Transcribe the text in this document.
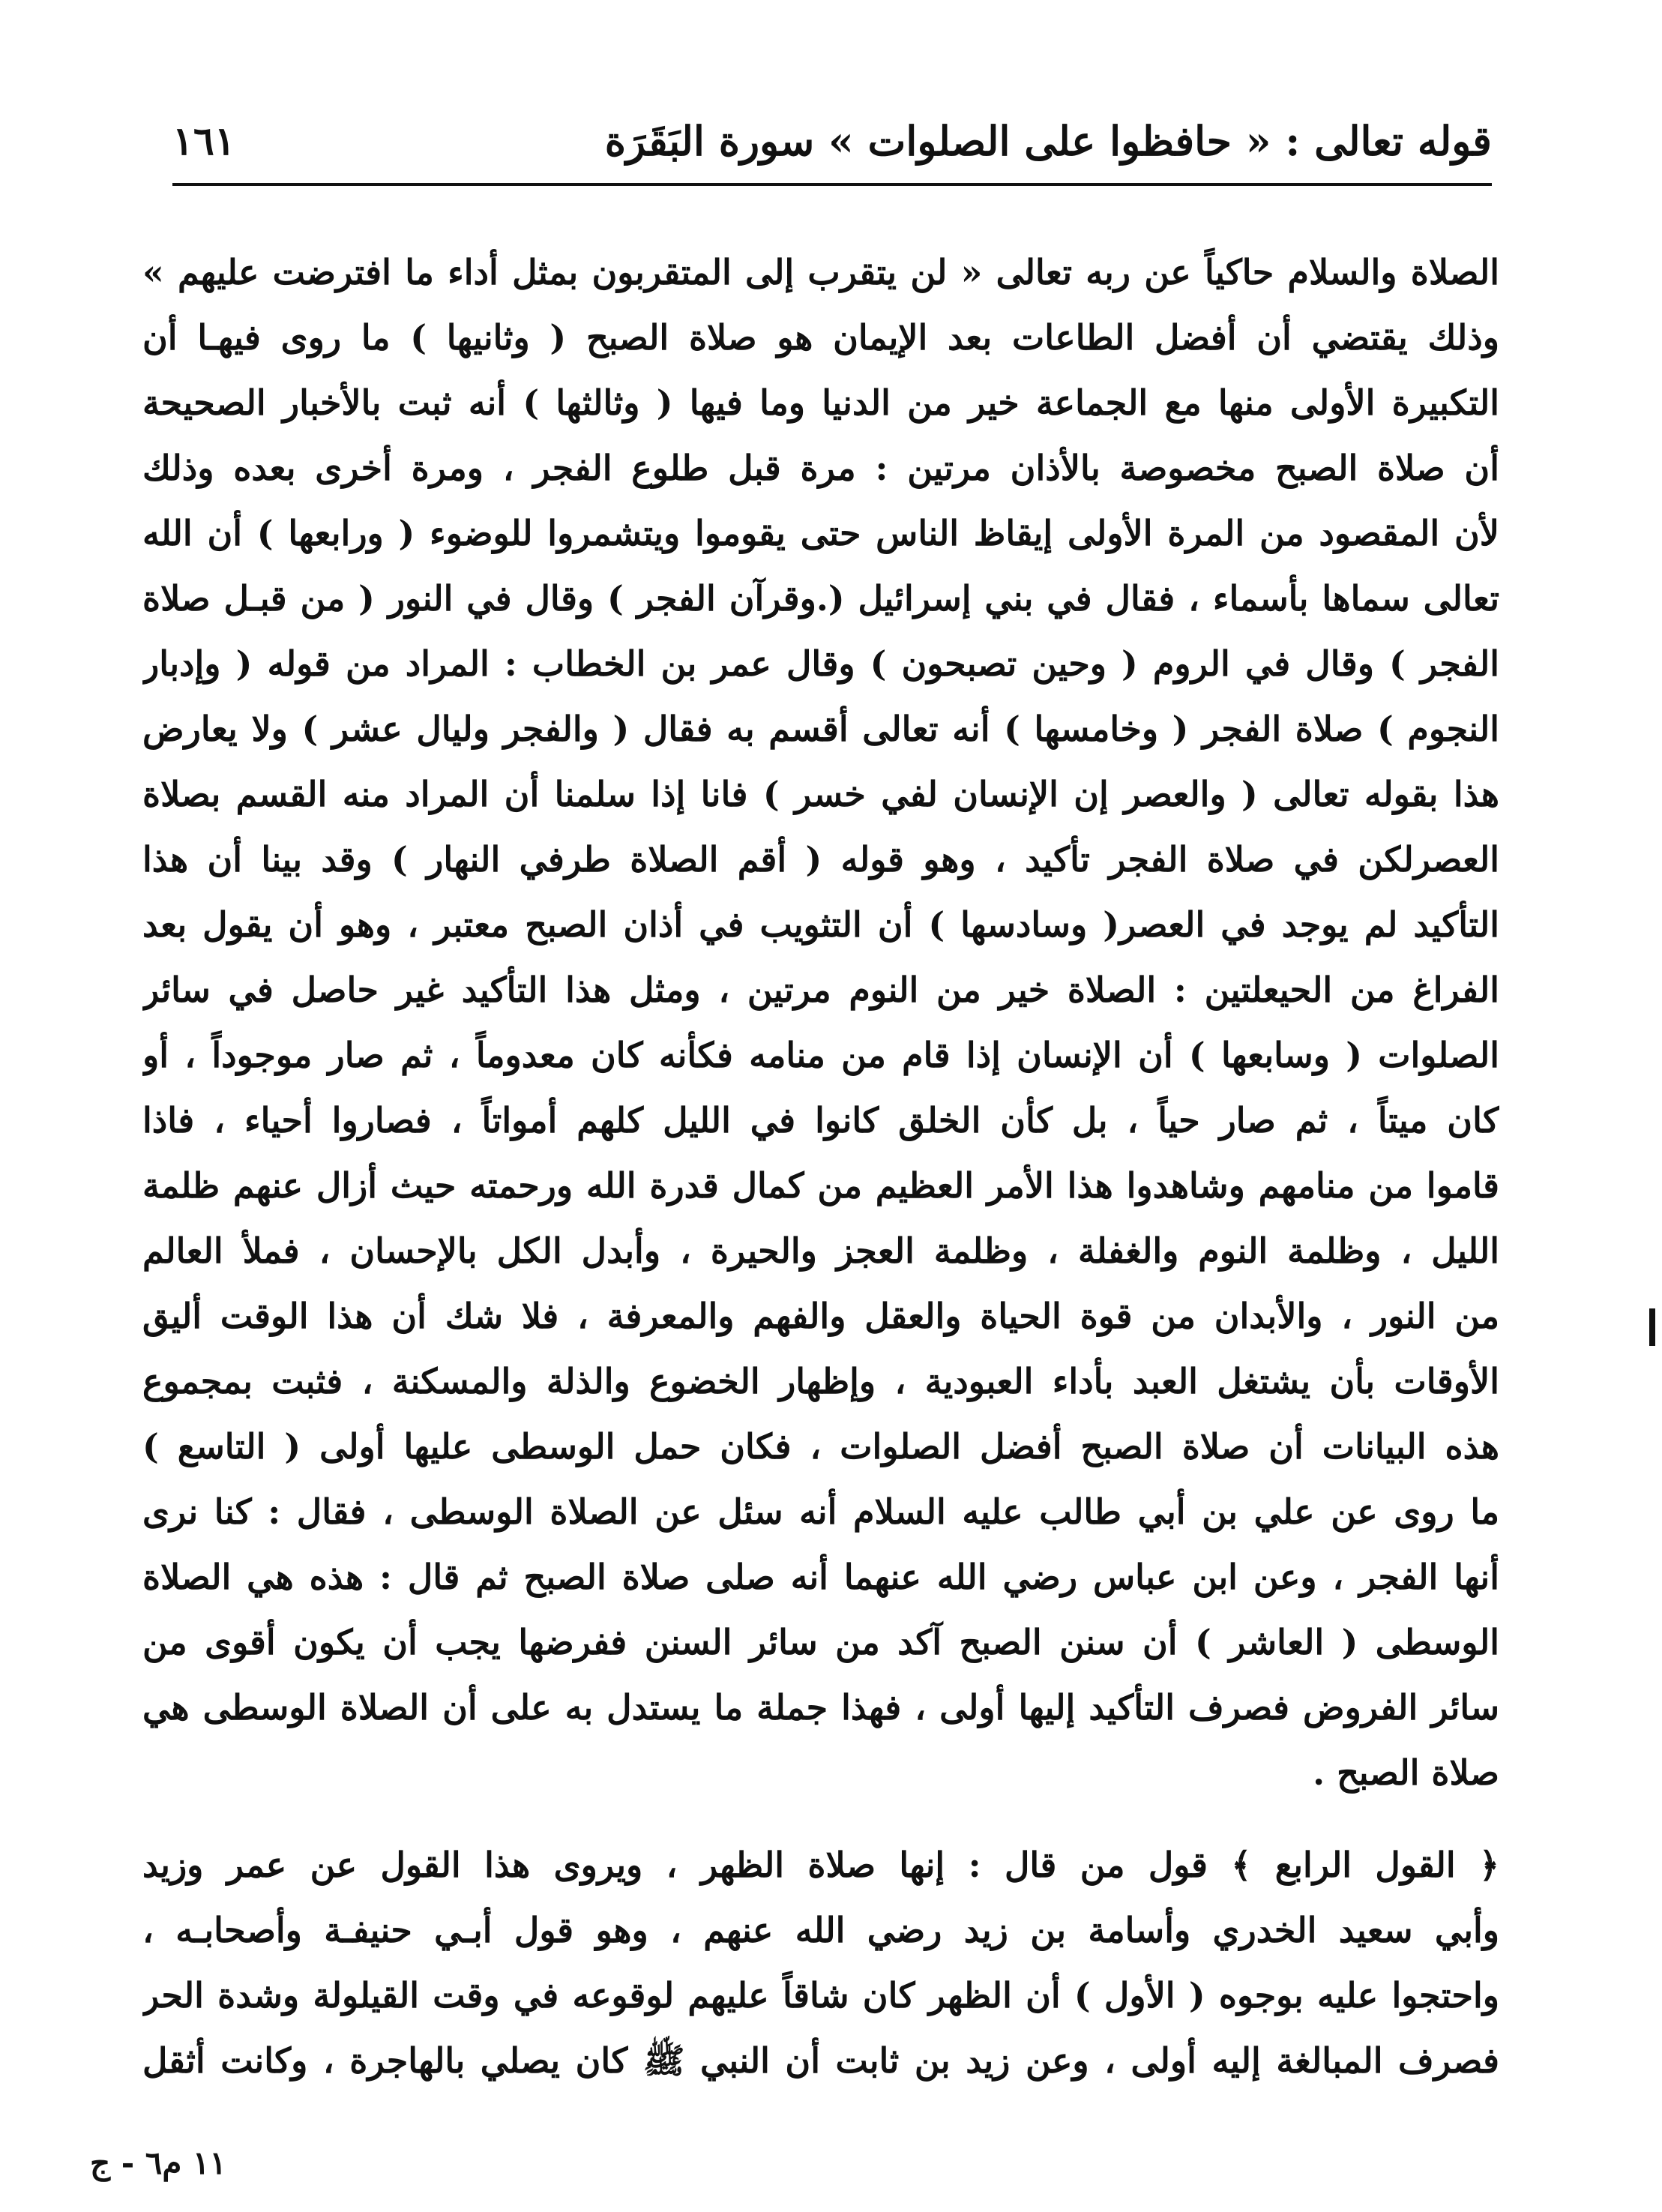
قوله تعالى : « حافظوا على الصلوات » سورة البَقَرَة
١٦١
الصلاة والسلام حاكياً عن ربه تعالى « لن يتقرب إلى المتقربون بمثل أداء ما افترضت عليهم »
وذلك يقتضي أن أفضل الطاعات بعد الإيمان هو صلاة الصبح ( وثانيها ) ما روى فيهـا أن
التكبيرة الأولى منها مع الجماعة خير من الدنيا وما فيها ( وثالثها ) أنه ثبت بالأخبار الصحيحة
أن صلاة الصبح مخصوصة بالأذان مرتين : مرة قبل طلوع الفجر ، ومرة أخرى بعده وذلك
لأن المقصود من المرة الأولى إيقاظ الناس حتى يقوموا ويتشمروا للوضوء ( ورابعها ) أن الله
تعالى سماها بأسماء ، فقال في بني إسرائيل (.وقرآن الفجر ) وقال في النور ( من قبـل صلاة
الفجر ) وقال في الروم ( وحين تصبحون ) وقال عمر بن الخطاب : المراد من قوله ( وإدبار
النجوم ) صلاة الفجر ( وخامسها ) أنه تعالى أقسم به فقال ( والفجر وليال عشر ) ولا يعارض
هذا بقوله تعالى ( والعصر إن الإنسان لفي خسر ) فانا إذا سلمنا أن المراد منه القسم بصلاة
العصرلكن في صلاة الفجر تأكيد ، وهو قوله ( أقم الصلاة طرفي النهار ) وقد بينا أن هذا
التأكيد لم يوجد في العصر( وسادسها ) أن التثويب في أذان الصبح معتبر ، وهو أن يقول بعد
الفراغ من الحيعلتين : الصلاة خير من النوم مرتين ، ومثل هذا التأكيد غير حاصل في سائر
الصلوات ( وسابعها ) أن الإنسان إذا قام من منامه فكأنه كان معدوماً ، ثم صار موجوداً ، أو
كان ميتاً ، ثم صار حياً ، بل كأن الخلق كانوا في الليل كلهم أمواتاً ، فصاروا أحياء ، فاذا
قاموا من منامهم وشاهدوا هذا الأمر العظيم من كمال قدرة الله ورحمته حيث أزال عنهم ظلمة
الليل ، وظلمة النوم والغفلة ، وظلمة العجز والحيرة ، وأبدل الكل بالإحسان ، فملأ العالم
من النور ، والأبدان من قوة الحياة والعقل والفهم والمعرفة ، فلا شك أن هذا الوقت أليق
الأوقات بأن يشتغل العبد بأداء العبودية ، وإظهار الخضوع والذلة والمسكنة ، فثبت بمجموع
هذه البيانات أن صلاة الصبح أفضل الصلوات ، فكان حمل الوسطى عليها أولى ( التاسع )
ما روى عن علي بن أبي طالب عليه السلام أنه سئل عن الصلاة الوسطى ، فقال : كنا نرى
أنها الفجر ، وعن ابن عباس رضي الله عنهما أنه صلى صلاة الصبح ثم قال : هذه هي الصلاة
الوسطى ( العاشر ) أن سنن الصبح آكد من سائر السنن ففرضها يجب أن يكون أقوى من
سائر الفروض فصرف التأكيد إليها أولى ، فهذا جملة ما يستدل به على أن الصلاة الوسطى هي
صلاة الصبح .
﴿ القول الرابع ﴾ قول من قال : إنها صلاة الظهر ، ويروى هذا القول عن عمر وزيد
وأبي سعيد الخدري وأسامة بن زيد رضي الله عنهم ، وهو قول أبـي حنيفـة وأصحابـه ،
واحتجوا عليه بوجوه ( الأول ) أن الظهر كان شاقاً عليهم لوقوعه في وقت القيلولة وشدة الحر
فصرف المبالغة إليه أولى ، وعن زيد بن ثابت أن النبي ﷺ كان يصلي بالهاجرة ، وكانت أثقل
١١ م٦ - ج
